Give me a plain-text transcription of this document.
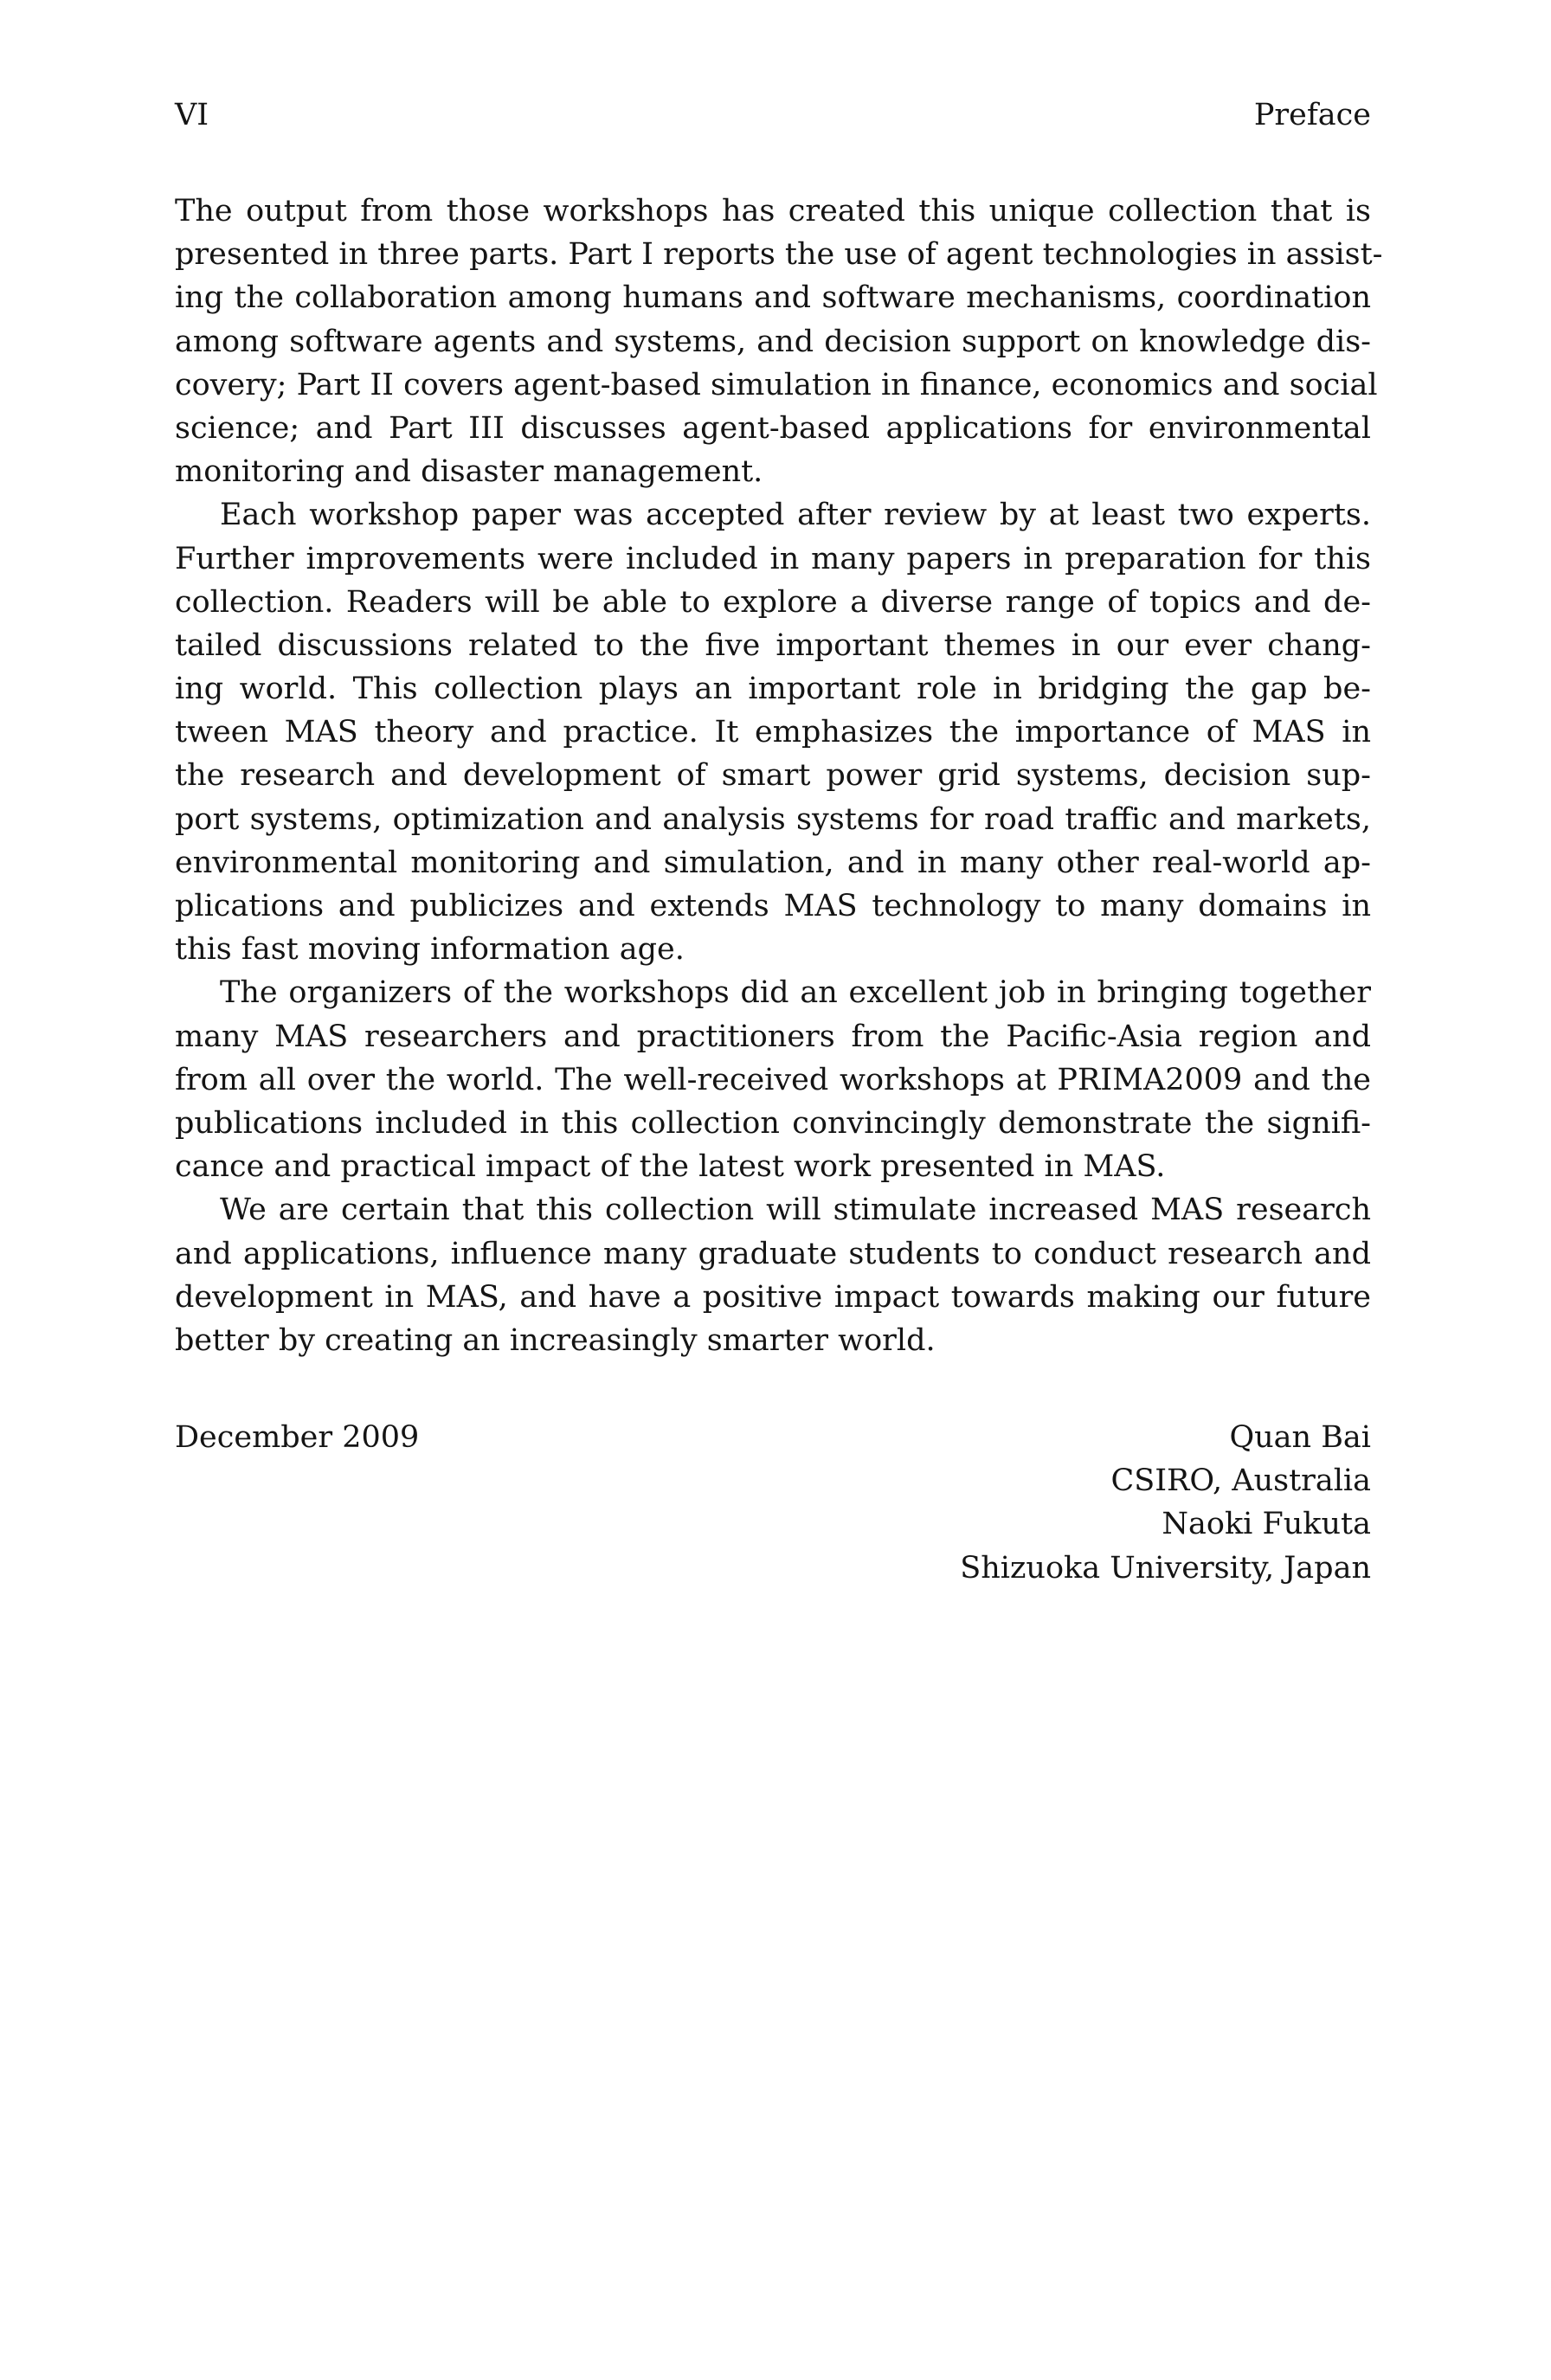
VI	Preface

The output from those workshops has created this unique collection that is
presented in three parts. Part I reports the use of agent technologies in assist-
ing the collaboration among humans and software mechanisms, coordination
among software agents and systems, and decision support on knowledge dis-
covery; Part II covers agent-based simulation in finance, economics and social
science; and Part III discusses agent-based applications for environmental
monitoring and disaster management.

Each workshop paper was accepted after review by at least two experts.
Further improvements were included in many papers in preparation for this
collection. Readers will be able to explore a diverse range of topics and de-
tailed discussions related to the five important themes in our ever chang-
ing world. This collection plays an important role in bridging the gap be-
tween MAS theory and practice. It emphasizes the importance of MAS in
the research and development of smart power grid systems, decision sup-
port systems, optimization and analysis systems for road traffic and markets,
environmental monitoring and simulation, and in many other real-world ap-
plications and publicizes and extends MAS technology to many domains in
this fast moving information age.

The organizers of the workshops did an excellent job in bringing together
many MAS researchers and practitioners from the Pacific-Asia region and
from all over the world. The well-received workshops at PRIMA2009 and the
publications included in this collection convincingly demonstrate the signifi-
cance and practical impact of the latest work presented in MAS.

We are certain that this collection will stimulate increased MAS research
and applications, influence many graduate students to conduct research and
development in MAS, and have a positive impact towards making our future
better by creating an increasingly smarter world.

December 2009	Quan Bai
CSIRO, Australia
Naoki Fukuta
Shizuoka University, Japan
